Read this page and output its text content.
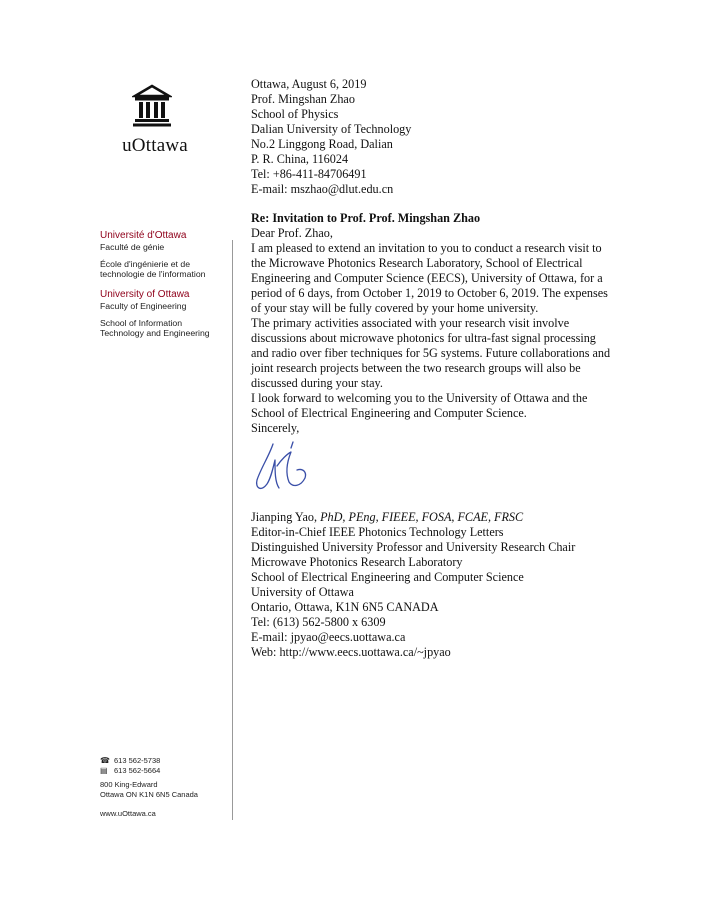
uOttawa
Université d'Ottawa
Faculté de génie
École d'ingénierie et de
technologie de l'information
University of Ottawa
Faculty of Engineering
School of Information
Technology and Engineering
☎ 613 562-5738
▤ 613 562-5664
800 King-Edward
Ottawa ON K1N 6N5 Canada
www.uOttawa.ca

Ottawa, August 6, 2019

Prof. Mingshan Zhao

School of Physics

Dalian University of Technology

No.2 Linggong Road, Dalian

P. R. China, 116024

Tel: +86-411-84706491

E-mail: mszhao@dlut.edu.cn

Re: Invitation to Prof. Prof. Mingshan Zhao

Dear Prof. Zhao,

I am pleased to extend an invitation to you to conduct a research visit to the Microwave Photonics Research Laboratory, School of Electrical Engineering and Computer Science (EECS), University of Ottawa, for a period of 6 days, from October 1, 2019 to October 6, 2019. The expenses of your stay will be fully covered by your home university.

The primary activities associated with your research visit involve discussions about microwave photonics for ultra-fast signal processing and radio over fiber techniques for 5G systems. Future collaborations and joint research projects between the two research groups will also be discussed during your stay.

I look forward to welcoming you to the University of Ottawa and the School of Electrical Engineering and Computer Science.

Sincerely,

Jianping Yao, PhD, PEng, FIEEE, FOSA, FCAE, FRSC

Editor-in-Chief IEEE Photonics Technology Letters

Distinguished University Professor and University Research Chair

Microwave Photonics Research Laboratory

School of Electrical Engineering and Computer Science

University of Ottawa

Ontario, Ottawa, K1N 6N5 CANADA

Tel: (613) 562-5800 x 6309

E-mail: jpyao@eecs.uottawa.ca

Web: http://www.eecs.uottawa.ca/~jpyao
